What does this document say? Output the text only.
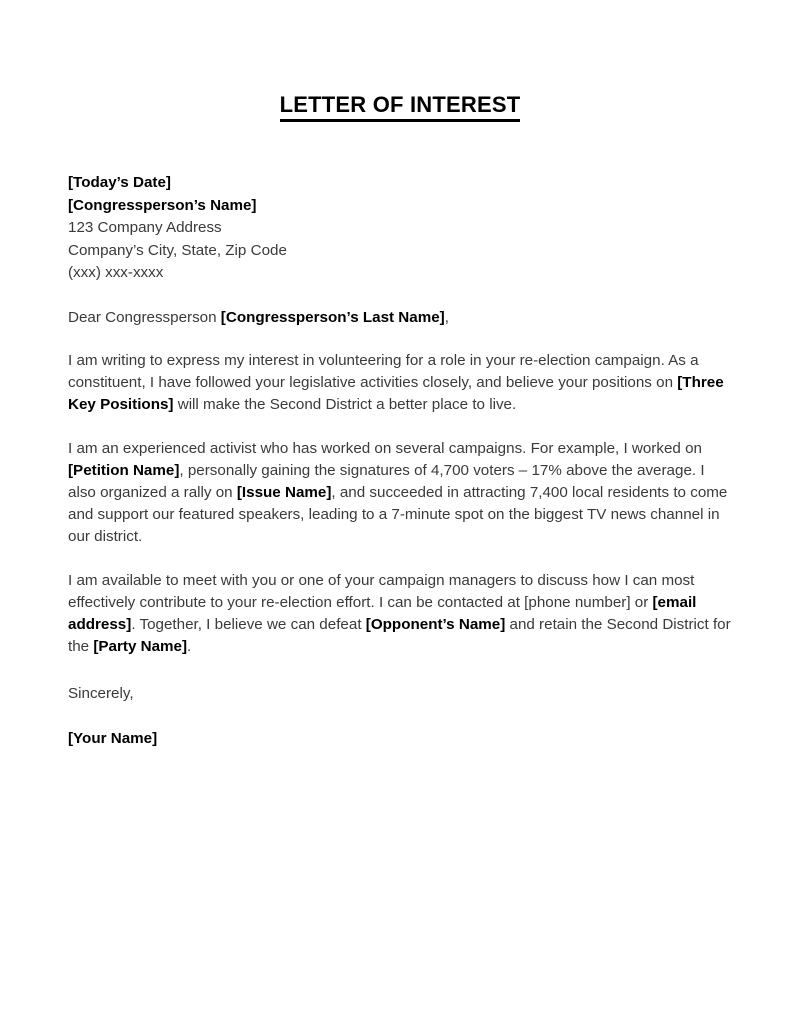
LETTER OF INTEREST
[Today’s Date]
[Congressperson’s Name]
123 Company Address
Company’s City, State, Zip Code
(xxx) xxx-xxxx

Dear Congressperson [Congressperson’s Last Name],

I am writing to express my interest in volunteering for a role in your re-election campaign. As a constituent, I have followed your legislative activities closely, and believe your positions on [Three Key Positions] will make the Second District a better place to live.

I am an experienced activist who has worked on several campaigns. For example, I worked on [Petition Name], personally gaining the signatures of 4,700 voters – 17% above the average. I also organized a rally on [Issue Name], and succeeded in attracting 7,400 local residents to come and support our featured speakers, leading to a 7-minute spot on the biggest TV news channel in our district.

I am available to meet with you or one of your campaign managers to discuss how I can most effectively contribute to your re-election effort. I can be contacted at [phone number] or [email address]. Together, I believe we can defeat [Opponent’s Name] and retain the Second District for the [Party Name].

Sincerely,

[Your Name]
